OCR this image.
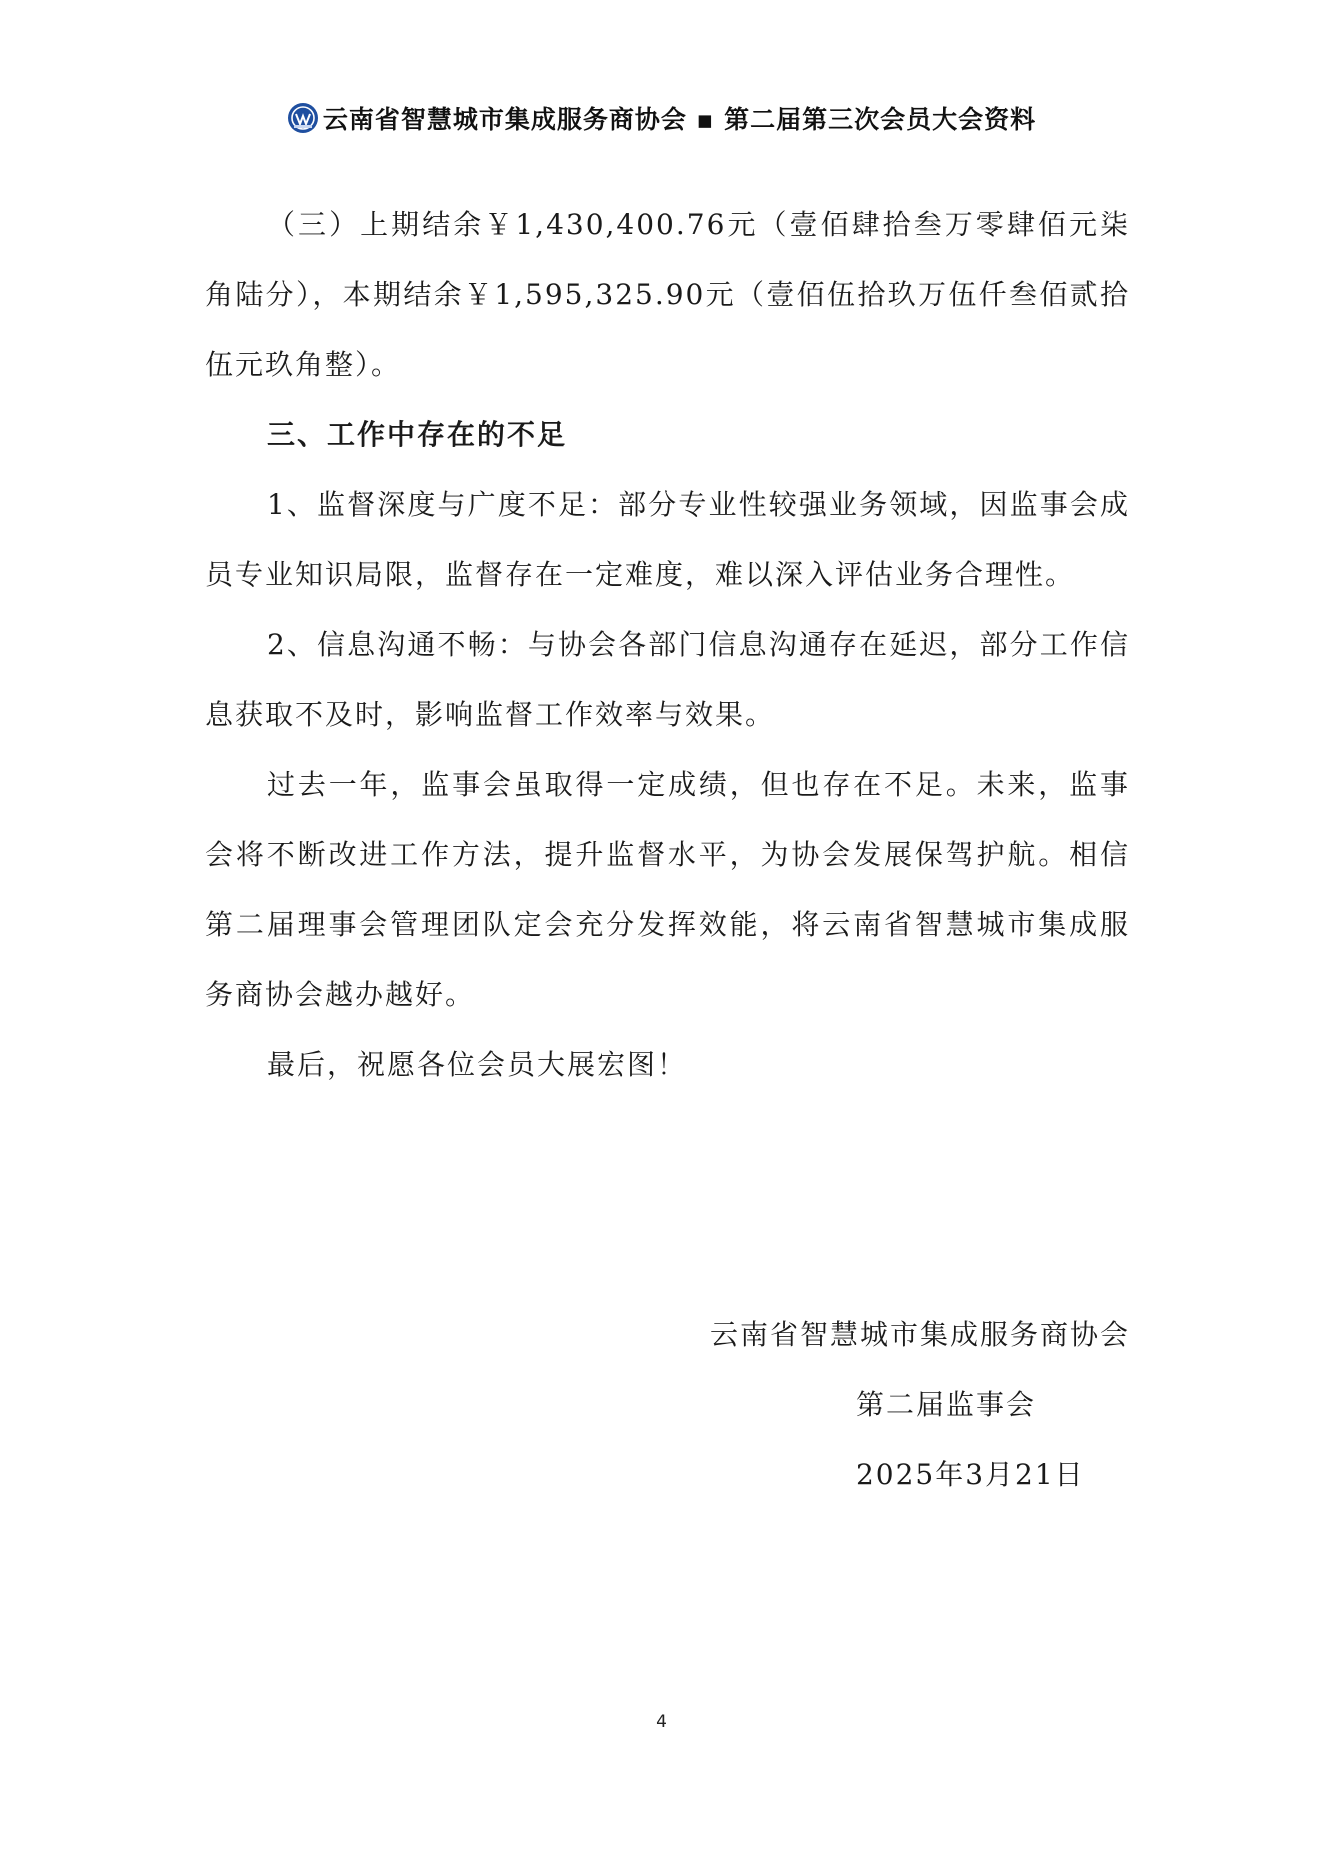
云南省智慧城市集成服务商协会 ▪ 第二届第三次会员大会资料

（三）上期结余￥1,430,400.76元（壹佰肆拾叁万零肆佰元柒角陆分），本期结余￥1,595,325.90元（壹佰伍拾玖万伍仟叁佰贰拾伍元玖角整）。

三、工作中存在的不足

1、监督深度与广度不足：部分专业性较强业务领域，因监事会成员专业知识局限，监督存在一定难度，难以深入评估业务合理性。

2、信息沟通不畅：与协会各部门信息沟通存在延迟，部分工作信息获取不及时，影响监督工作效率与效果。

过去一年，监事会虽取得一定成绩，但也存在不足。未来，监事会将不断改进工作方法，提升监督水平，为协会发展保驾护航。相信第二届理事会管理团队定会充分发挥效能，将云南省智慧城市集成服务商协会越办越好。

最后，祝愿各位会员大展宏图！

云南省智慧城市集成服务商协会
第二届监事会
2025年3月21日
4
